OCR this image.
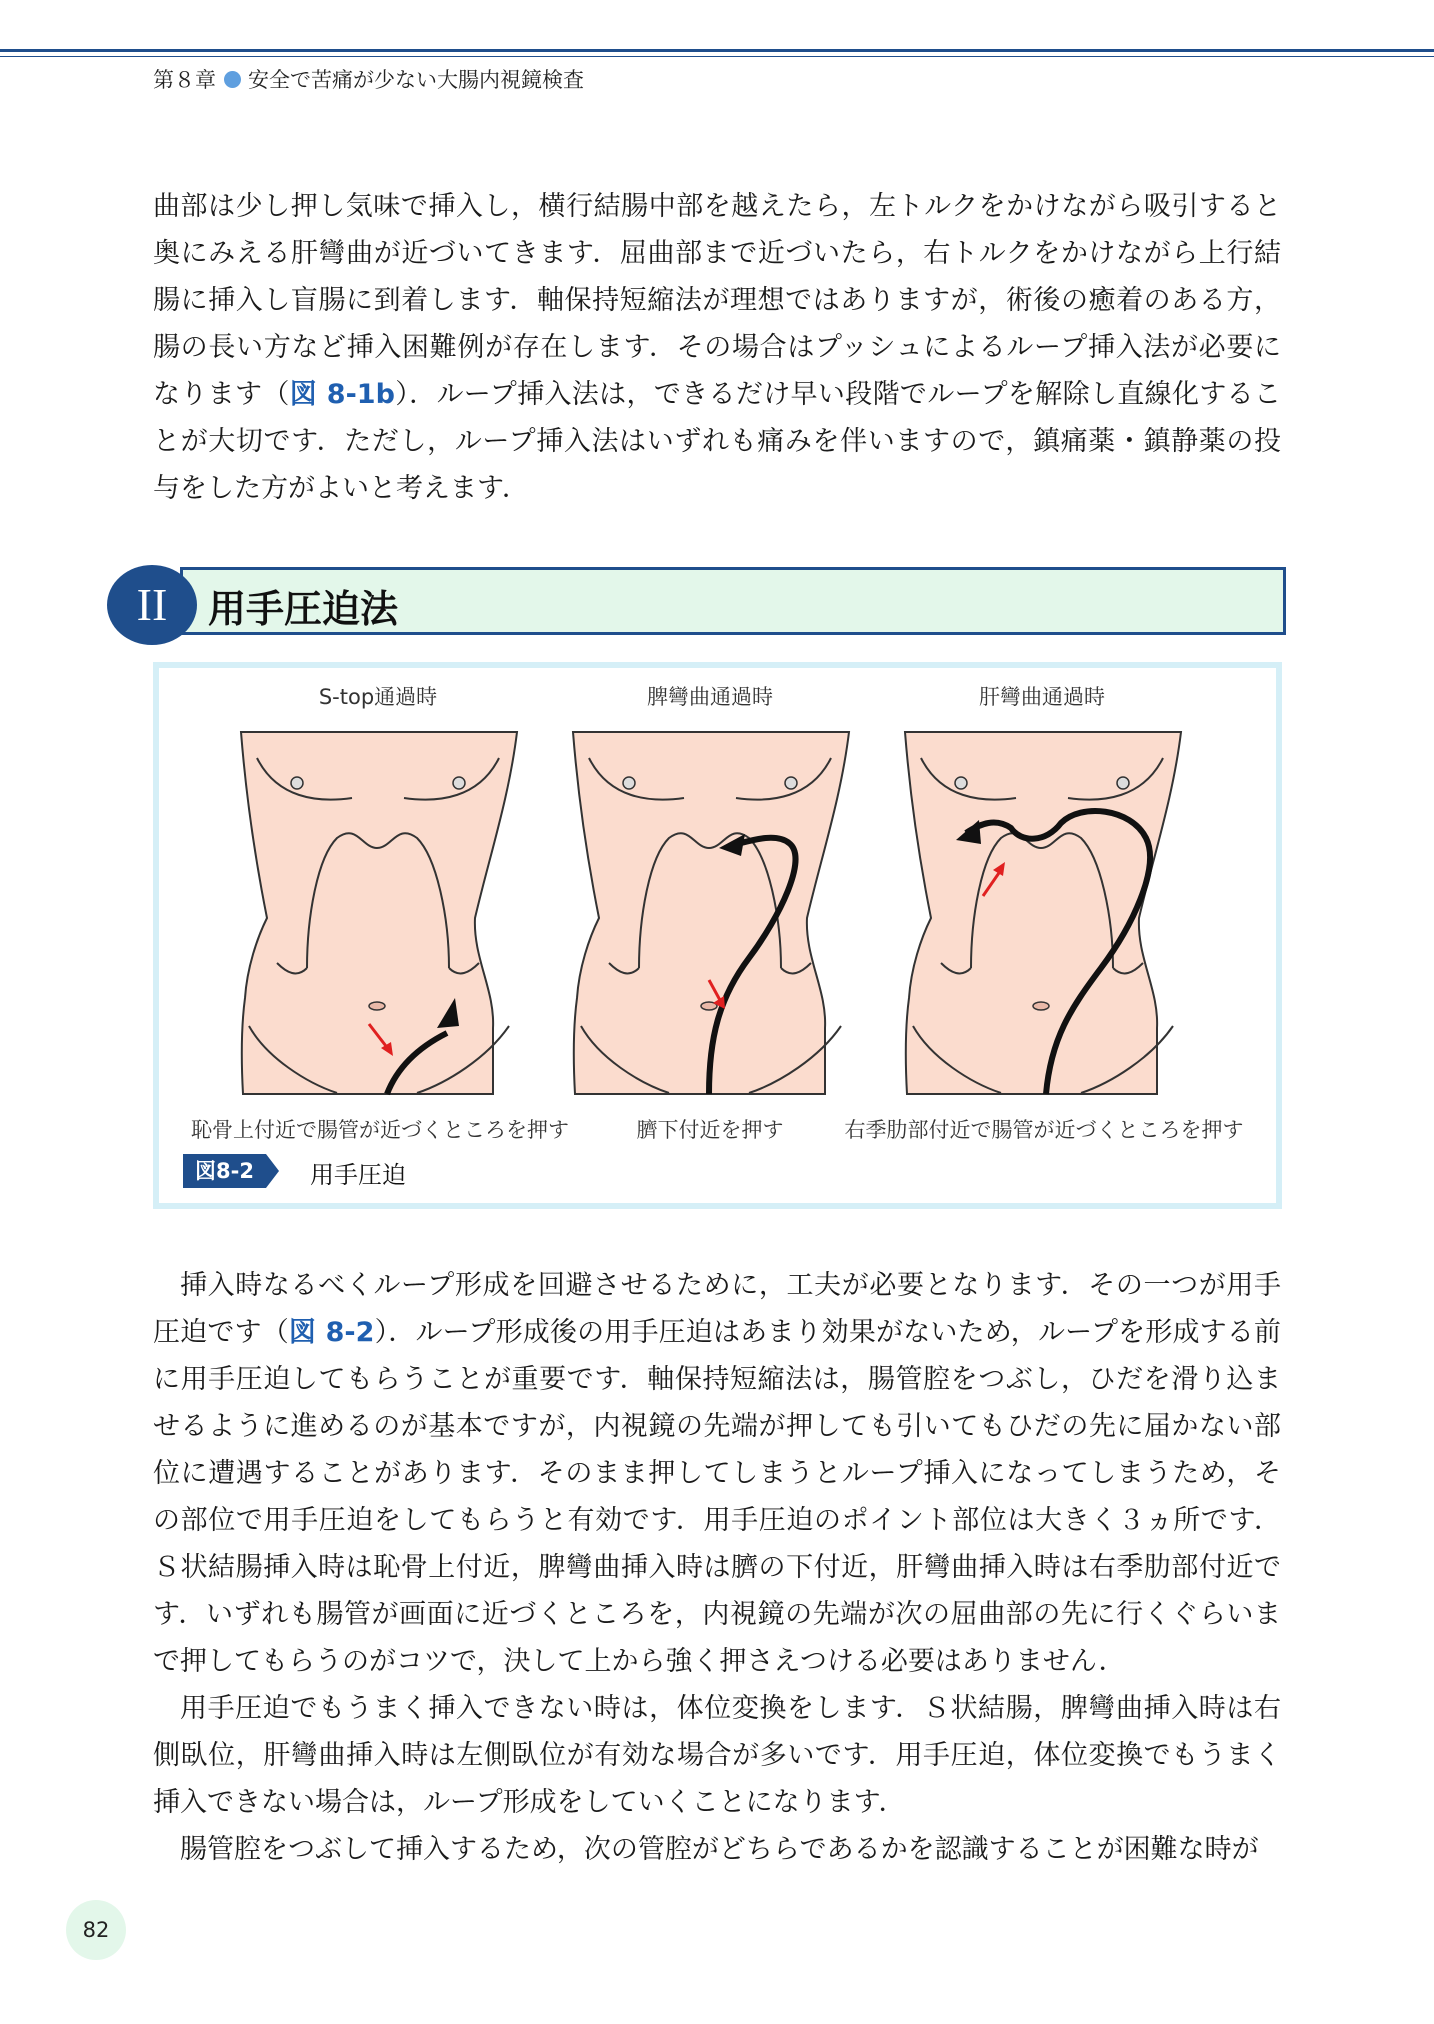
第８章 安全で苦痛が少ない大腸内視鏡検査

曲部は少し押し気味で挿入し，横行結腸中部を越えたら，左トルクをかけながら吸引すると奥にみえる肝彎曲が近づいてきます．屈曲部まで近づいたら，右トルクをかけながら上行結腸に挿入し盲腸に到着します．軸保持短縮法が理想ではありますが，術後の癒着のある方，腸の長い方など挿入困難例が存在します．その場合はプッシュによるループ挿入法が必要になります（図 8-1b）．ループ挿入法は，できるだけ早い段階でループを解除し直線化することが大切です．ただし，ループ挿入法はいずれも痛みを伴いますので，鎮痛薬・鎮静薬の投与をした方がよいと考えます．

II	用手圧迫法
S-top通過時	脾彎曲通過時	肝彎曲通過時
恥骨上付近で腸管が近づくところを押す	臍下付近を押す	右季肋部付近で腸管が近づくところを押す
図8-2	用手圧迫

挿入時なるべくループ形成を回避させるために，工夫が必要となります．その一つが用手圧迫です（図 8-2）．ループ形成後の用手圧迫はあまり効果がないため，ループを形成する前に用手圧迫してもらうことが重要です．軸保持短縮法は，腸管腔をつぶし，ひだを滑り込ませるように進めるのが基本ですが，内視鏡の先端が押しても引いてもひだの先に届かない部位に遭遇することがあります．そのまま押してしまうとループ挿入になってしまうため，その部位で用手圧迫をしてもらうと有効です．用手圧迫のポイント部位は大きく３ヵ所です．Ｓ状結腸挿入時は恥骨上付近，脾彎曲挿入時は臍の下付近，肝彎曲挿入時は右季肋部付近です．いずれも腸管が画面に近づくところを，内視鏡の先端が次の屈曲部の先に行くぐらいまで押してもらうのがコツで，決して上から強く押さえつける必要はありません．

用手圧迫でもうまく挿入できない時は，体位変換をします．Ｓ状結腸，脾彎曲挿入時は右側臥位，肝彎曲挿入時は左側臥位が有効な場合が多いです．用手圧迫，体位変換でもうまく挿入できない場合は，ループ形成をしていくことになります．

腸管腔をつぶして挿入するため，次の管腔がどちらであるかを認識することが困難な時が

82
